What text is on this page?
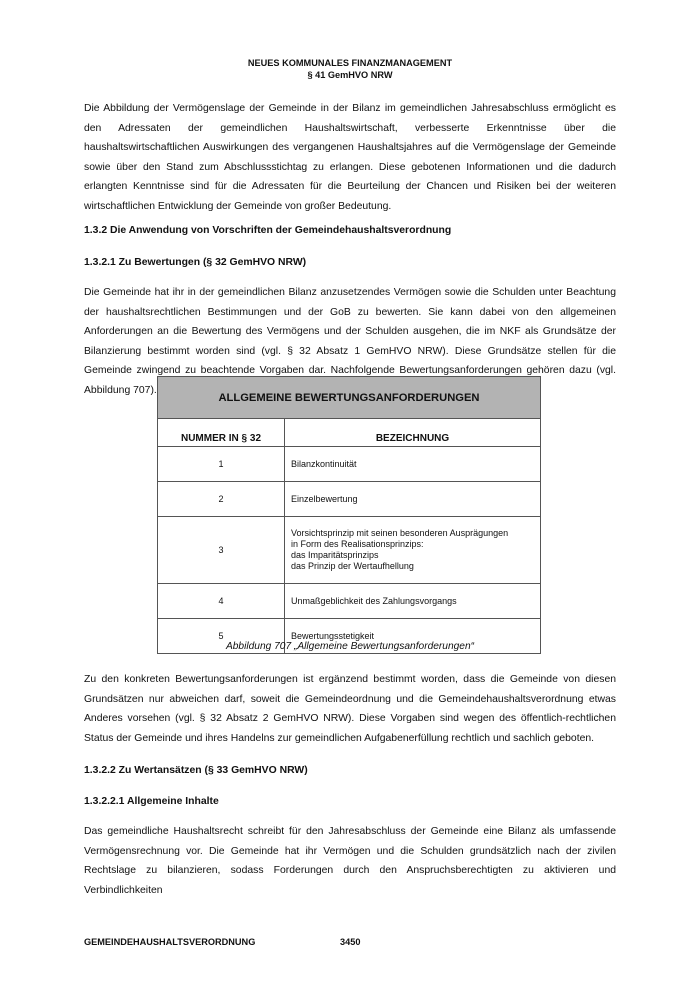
NEUES KOMMUNALES FINANZMANAGEMENT
§ 41 GemHVO NRW

Die Abbildung der Vermögenslage der Gemeinde in der Bilanz im gemeindlichen Jahresabschluss ermöglicht es den Adressaten der gemeindlichen Haushaltswirtschaft, verbesserte Erkenntnisse über die haushaltswirtschaftlichen Auswirkungen des vergangenen Haushaltsjahres auf die Vermögenslage der Gemeinde sowie über den Stand zum Abschlussstichtag zu erlangen. Diese gebotenen Informationen und die dadurch erlangten Kenntnisse sind für die Adressaten für die Beurteilung der Chancen und Risiken bei der weiteren wirtschaftlichen Entwicklung der Gemeinde von großer Bedeutung.

1.3.2 Die Anwendung von Vorschriften der Gemeindehaushaltsverordnung

1.3.2.1 Zu Bewertungen (§ 32 GemHVO NRW)

Die Gemeinde hat ihr in der gemeindlichen Bilanz anzusetzendes Vermögen sowie die Schulden unter Beachtung der haushaltsrechtlichen Bestimmungen und der GoB zu bewerten. Sie kann dabei von den allgemeinen Anforderungen an die Bewertung des Vermögens und der Schulden ausgehen, die im NKF als Grundsätze der Bilanzierung bestimmt worden sind (vgl. § 32 Absatz 1 GemHVO NRW). Diese Grundsätze stellen für die Gemeinde zwingend zu beachtende Vorgaben dar. Nachfolgende Bewertungsanforderungen gehören dazu (vgl. Abbildung 707).

ALLGEMEINE BEWERTUNGSANFORDERUNGEN	
NUMMER IN § 32	BEZEICHNUNG
1	Bilanzkontinuität
2	Einzelbewertung
3	Vorsichtsprinzip mit seinen besonderen Ausprägungen
in Form des Realisationsprinzips:
das Imparitätsprinzips
das Prinzip der Wertaufhellung

4	Unmaßgeblichkeit des Zahlungsvorgangs
5	Bewertungsstetigkeit
Abbildung 707 „Allgemeine Bewertungsanforderungen“

Zu den konkreten Bewertungsanforderungen ist ergänzend bestimmt worden, dass die Gemeinde von diesen Grundsätzen nur abweichen darf, soweit die Gemeindeordnung und die Gemeindehaushaltsverordnung etwas Anderes vorsehen (vgl. § 32 Absatz 2 GemHVO NRW). Diese Vorgaben sind wegen des öffentlich-rechtlichen Status der Gemeinde und ihres Handelns zur gemeindlichen Aufgabenerfüllung rechtlich und sachlich geboten.

1.3.2.2 Zu Wertansätzen (§ 33 GemHVO NRW)

1.3.2.2.1 Allgemeine Inhalte

Das gemeindliche Haushaltsrecht schreibt für den Jahresabschluss der Gemeinde eine Bilanz als umfassende Vermögensrechnung vor. Die Gemeinde hat ihr Vermögen und die Schulden grundsätzlich nach der zivilen Rechtslage zu bilanzieren, sodass Forderungen durch den Anspruchsberechtigten zu aktivieren und Verbindlichkeiten

GEMEINDEHAUSHALTSVERORDNUNG	3450
